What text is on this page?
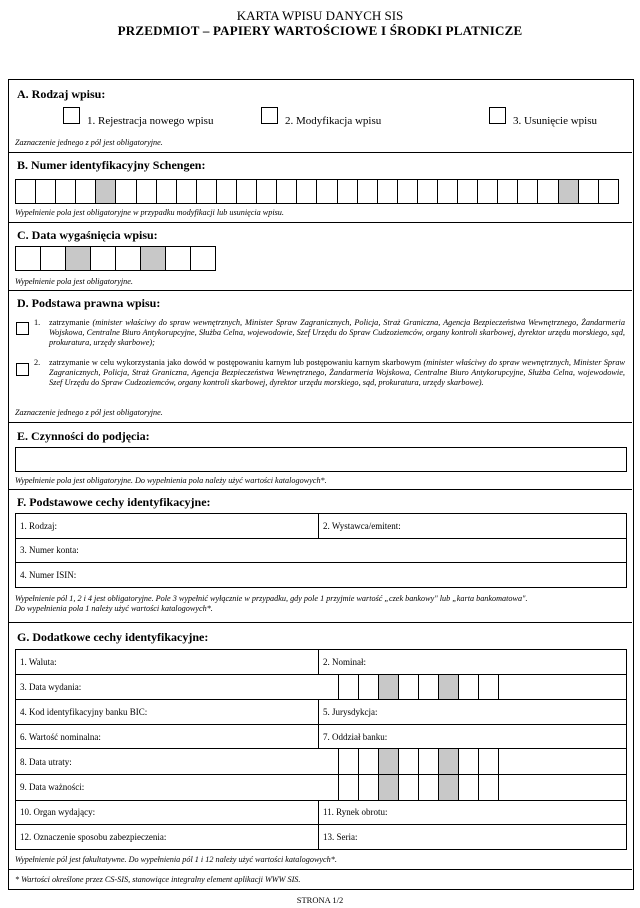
KARTA WPISU DANYCH SIS
PRZEDMIOT – PAPIERY WARTOŚCIOWE I ŚRODKI PLATNICZE
A. Rodzaj wpisu:
1. Rejestracja nowego wpisu	2. Modyfikacja wpisu	3. Usunięcie wpisu
Zaznaczenie jednego z pól jest obligatoryjne.
B. Numer identyfikacyjny Schengen:
Wypełnienie pola jest obligatoryjne w przypadku modyfikacji lub usunięcia wpisu.
C. Data wygaśnięcia wpisu:
Wypełnienie pola jest obligatoryjne.
D. Podstawa prawna wpisu:
1. zatrzymanie (minister właściwy do spraw wewnętrznych, Minister Spraw Zagranicznych, Policja, Straż Graniczna, Agencja Bezpieczeństwa Wewnętrznego, Żandarmeria Wojskowa, Centralne Biuro Antykorupcyjne, Służba Celna, wojewodowie, Szef Urzędu do Spraw Cudzoziemców, organy kontroli skarbowej, dyrektor urzędu morskiego, sąd, prokuratura, urzędy skarbowe);
2. zatrzymanie w celu wykorzystania jako dowód w postępowaniu karnym lub postępowaniu karnym skarbowym (minister właściwy do spraw wewnętrznych, Minister Spraw Zagranicznych, Policja, Straż Graniczna, Agencja Bezpieczeństwa Wewnętrznego, Żandarmeria Wojskowa, Centralne Biuro Antykorupcyjne, Służba Celna, wojewodowie, Szef Urzędu do Spraw Cudzoziemców, organy kontroli skarbowej, dyrektor urzędu morskiego, sąd, prokuratura, urzędy skarbowe).
Zaznaczenie jednego z pól jest obligatoryjne.
E. Czynności do podjęcia:
Wypełnienie pola jest obligatoryjne. Do wypełnienia pola należy użyć wartości katalogowych*.
F. Podstawowe cechy identyfikacyjne:
1. Rodzaj:	2. Wystawca/emitent:
3. Numer konta:
4. Numer ISIN:
Wypełnienie pól 1, 2 i 4 jest obligatoryjne. Pole 3 wypełnić wyłącznie w przypadku, gdy pole 1 przyjmie wartość „czek bankowy" lub „karta bankomatowa".
Do wypełnienia pola 1 należy użyć wartości katalogowych*.
G. Dodatkowe cechy identyfikacyjne:
1. Waluta:	2. Nominał:

3. Data wydania:	

4. Kod identyfikacyjny banku BIC:	5. Jurysdykcja:
6. Wartość nominalna:	7. Oddział banku:

8. Data utraty:	

9. Data ważności:	

10. Organ wydający:	11. Rynek obrotu:
12. Oznaczenie sposobu zabezpieczenia:	13. Seria:
Wypełnienie pól jest fakultatywne. Do wypełnienia pól 1 i 12 należy użyć wartości katalogowych*.
* Wartości określone przez CS-SIS, stanowiące integralny element aplikacji WWW SIS.
STRONA 1/2
